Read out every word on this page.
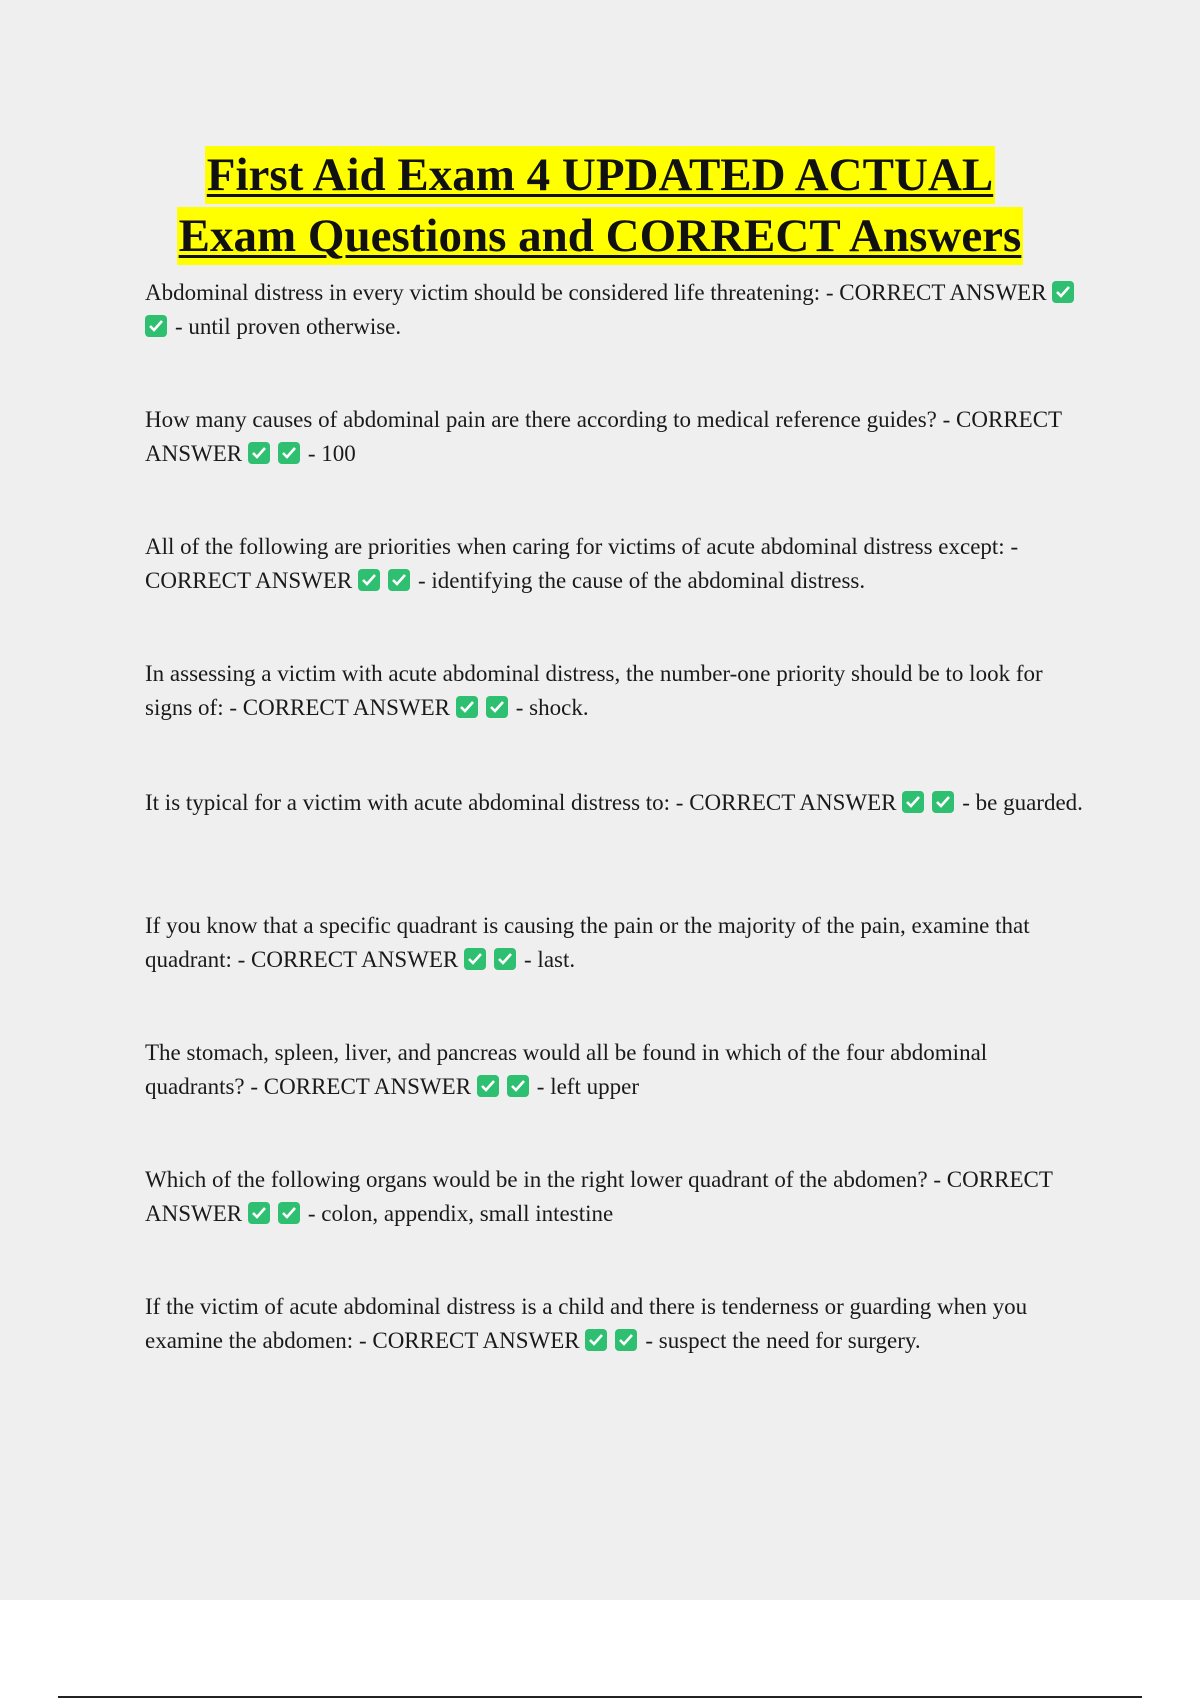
First Aid Exam 4 UPDATED ACTUAL
Exam Questions and CORRECT Answers
Abdominal distress in every victim should be considered life threatening: - CORRECT ANSWER
- until proven otherwise.
How many causes of abdominal pain are there according to medical reference guides? - CORRECT ANSWER	- 100
All of the following are priorities when caring for victims of acute abdominal distress except: - CORRECT ANSWER	- identifying the cause of the abdominal distress.
In assessing a victim with acute abdominal distress, the number-one priority should be to look for signs of: - CORRECT ANSWER	- shock.
It is typical for a victim with acute abdominal distress to: - CORRECT ANSWER	- be guarded.
If you know that a specific quadrant is causing the pain or the majority of the pain, examine that quadrant: - CORRECT ANSWER	- last.
The stomach, spleen, liver, and pancreas would all be found in which of the four abdominal quadrants? - CORRECT ANSWER	- left upper
Which of the following organs would be in the right lower quadrant of the abdomen? - CORRECT ANSWER	- colon, appendix, small intestine
If the victim of acute abdominal distress is a child and there is tenderness or guarding when you examine the abdomen: - CORRECT ANSWER	- suspect the need for surgery.
